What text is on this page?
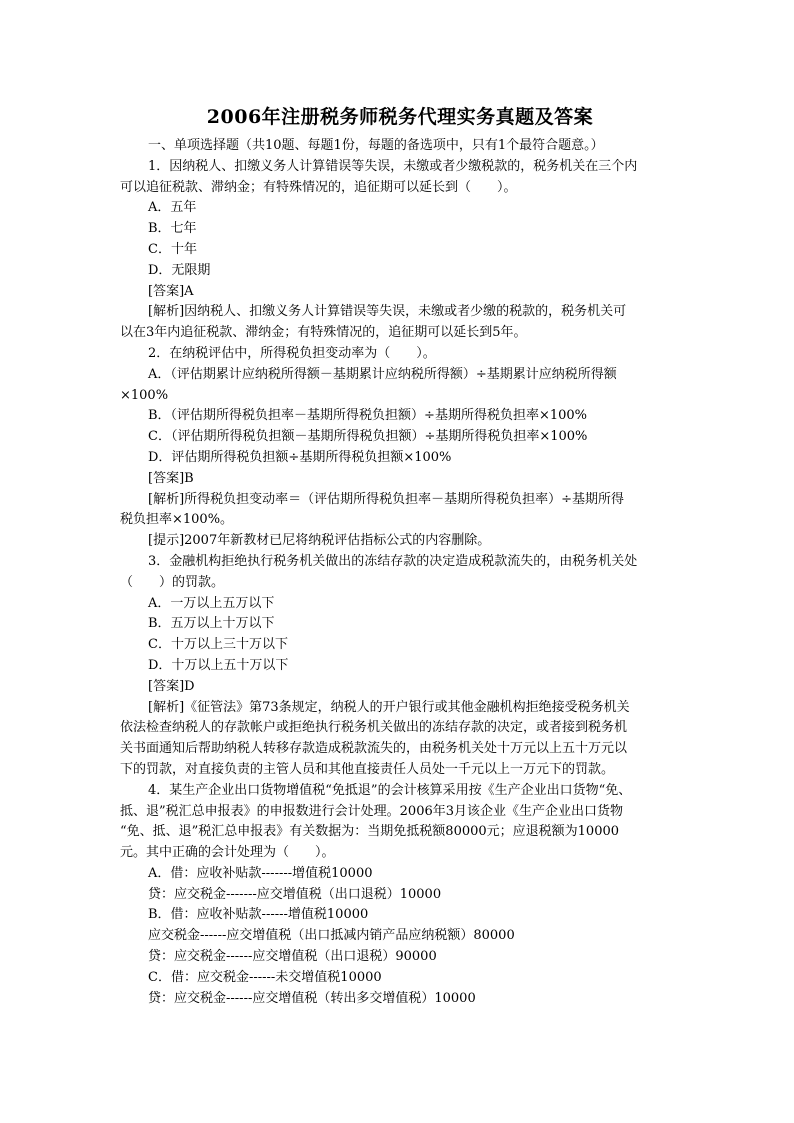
2006年注册税务师税务代理实务真题及答案
一、单项选择题（共10题、每题1份，每题的备选项中，只有1个最符合题意。）
1．因纳税人、扣缴义务人计算错误等失误，未缴或者少缴税款的，税务机关在三个内
可以追征税款、滞纳金；有特殊情况的，追征期可以延长到（　　）。
A．五年
B．七年
C．十年
D．无限期
[答案]A
[解析]因纳税人、扣缴义务人计算错误等失误，未缴或者少缴的税款的，税务机关可
以在3年内追征税款、滞纳金；有特殊情况的，追征期可以延长到5年。
2．在纳税评估中，所得税负担变动率为（　　）。
A．（评估期累计应纳税所得额－基期累计应纳税所得额）÷基期累计应纳税所得额
×100%
B．（评估期所得税负担率－基期所得税负担额）÷基期所得税负担率×100%
C．（评估期所得税负担额－基期所得税负担额）÷基期所得税负担率×100%
D．评估期所得税负担额÷基期所得税负担额×100%
[答案]B
[解析]所得税负担变动率＝（评估期所得税负担率－基期所得税负担率）÷基期所得
税负担率×100%。
[提示]2007年新教材已尼将纳税评估指标公式的内容删除。
3．金融机构拒绝执行税务机关做出的冻结存款的决定造成税款流失的，由税务机关处
（　　）的罚款。
A．一万以上五万以下
B．五万以上十万以下
C．十万以上三十万以下
D．十万以上五十万以下
[答案]D
[解析]《征管法》第73条规定，纳税人的开户银行或其他金融机构拒绝接受税务机关
依法检查纳税人的存款帐户或拒绝执行税务机关做出的冻结存款的决定，或者接到税务机
关书面通知后帮助纳税人转移存款造成税款流失的，由税务机关处十万元以上五十万元以
下的罚款，对直接负责的主管人员和其他直接责任人员处一千元以上一万元下的罚款。
4．某生产企业出口货物增值税“免抵退”的会计核算采用按《生产企业出口货物“免、
抵、退”税汇总申报表》的申报数进行会计处理。2006年3月该企业《生产企业出口货物
“免、抵、退”税汇总申报表》有关数据为：当期免抵税额80000元；应退税额为10000
元。其中正确的会计处理为（　　）。
A．借：应收补贴款-------增值税10000
贷：应交税金-------应交增值税（出口退税）10000
B．借：应收补贴款------增值税10000
应交税金------应交增值税（出口抵减内销产品应纳税额）80000
贷：应交税金------应交增值税（出口退税）90000
C．借：应交税金------未交增值税10000
贷：应交税金------应交增值税（转出多交增值税）10000
